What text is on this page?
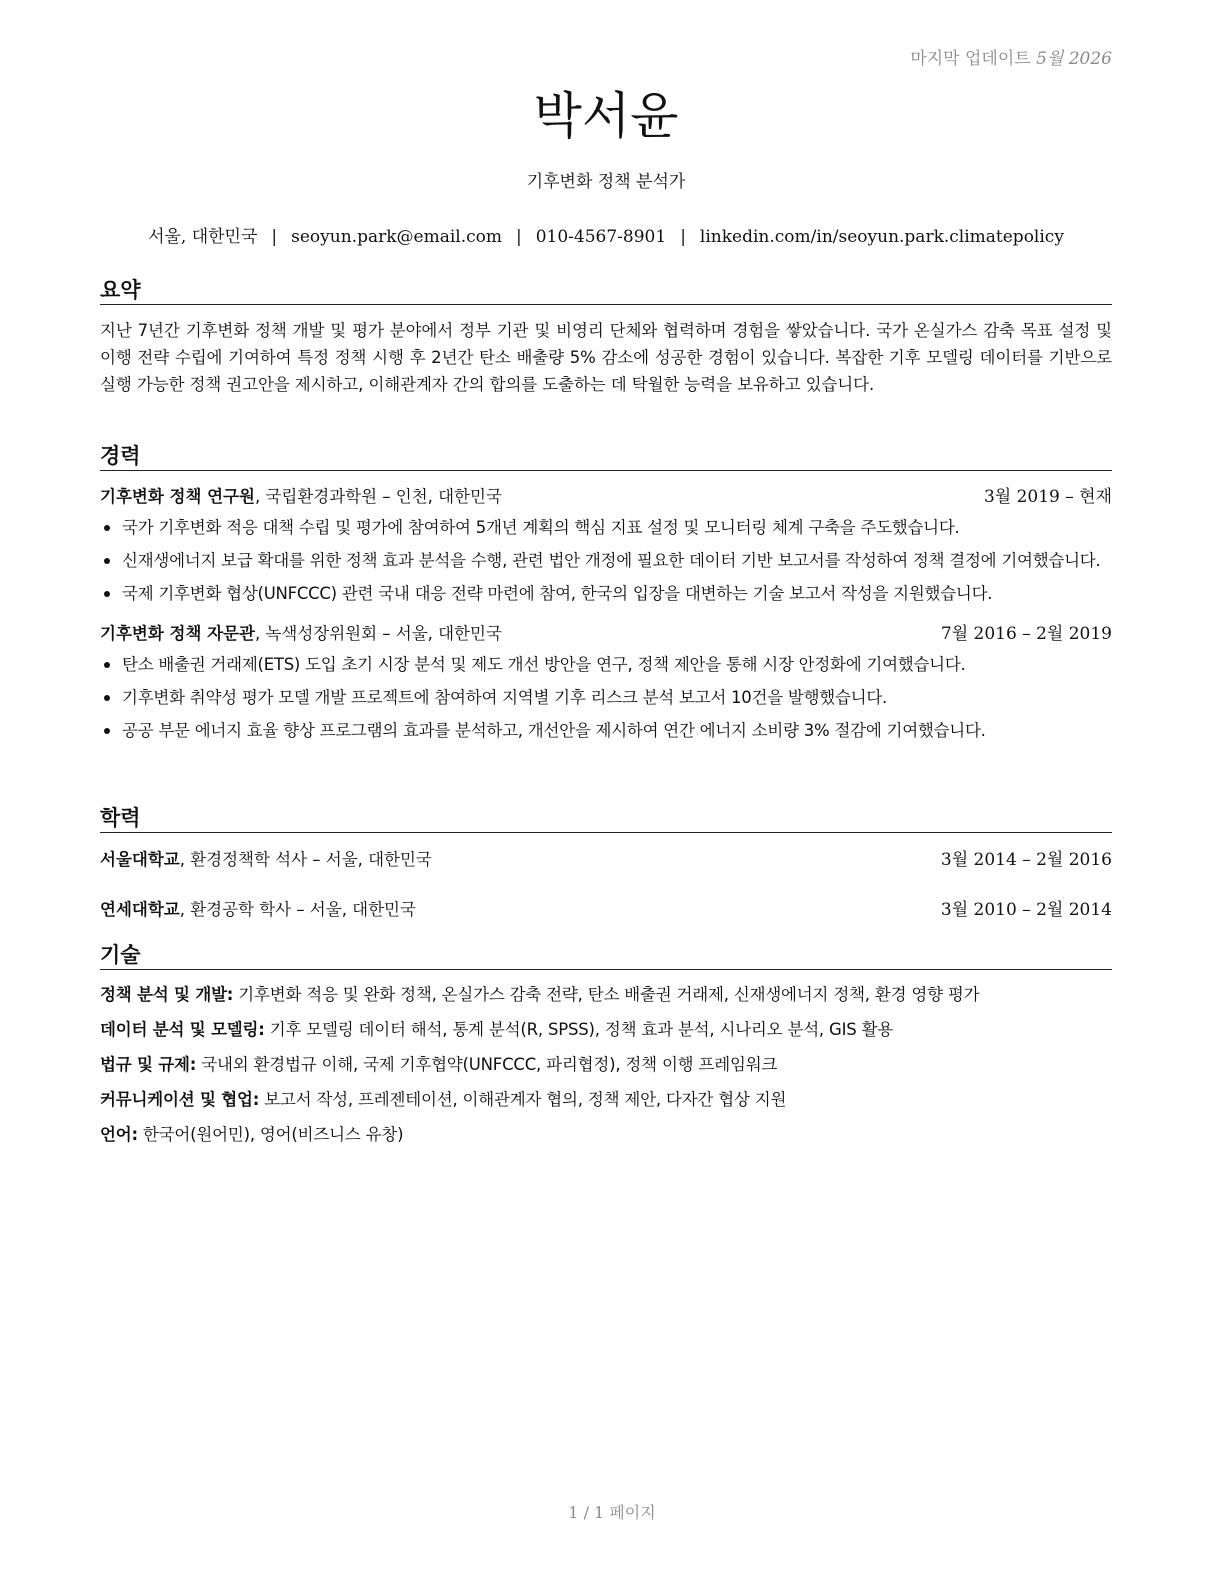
마지막 업데이트 5월 2026
박서윤
기후변화 정책 분석가
서울, 대한민국 | seoyun.park@email.com | 010-4567-8901 | linkedin.com/in/seoyun.park.climatepolicy
요약
지난 7년간 기후변화 정책 개발 및 평가 분야에서 정부 기관 및 비영리 단체와 협력하며 경험을 쌓았습니다. 국가 온실가스 감축 목표 설정 및 이행 전략 수립에 기여하여 특정 정책 시행 후 2년간 탄소 배출량 5% 감소에 성공한 경험이 있습니다. 복잡한 기후 모델링 데이터를 기반으로 실행 가능한 정책 권고안을 제시하고, 이해관계자 간의 합의를 도출하는 데 탁월한 능력을 보유하고 있습니다.
경력
기후변화 정책 연구원, 국립환경과학원 – 인천, 대한민국	3월 2019 – 현재
국가 기후변화 적응 대책 수립 및 평가에 참여하여 5개년 계획의 핵심 지표 설정 및 모니터링 체계 구축을 주도했습니다.
신재생에너지 보급 확대를 위한 정책 효과 분석을 수행, 관련 법안 개정에 필요한 데이터 기반 보고서를 작성하여 정책 결정에 기여했습니다.
국제 기후변화 협상(UNFCCC) 관련 국내 대응 전략 마련에 참여, 한국의 입장을 대변하는 기술 보고서 작성을 지원했습니다.
기후변화 정책 자문관, 녹색성장위원회 – 서울, 대한민국	7월 2016 – 2월 2019
탄소 배출권 거래제(ETS) 도입 초기 시장 분석 및 제도 개선 방안을 연구, 정책 제안을 통해 시장 안정화에 기여했습니다.
기후변화 취약성 평가 모델 개발 프로젝트에 참여하여 지역별 기후 리스크 분석 보고서 10건을 발행했습니다.
공공 부문 에너지 효율 향상 프로그램의 효과를 분석하고, 개선안을 제시하여 연간 에너지 소비량 3% 절감에 기여했습니다.
학력
서울대학교, 환경정책학 석사 – 서울, 대한민국	3월 2014 – 2월 2016
연세대학교, 환경공학 학사 – 서울, 대한민국	3월 2010 – 2월 2014
기술
정책 분석 및 개발: 기후변화 적응 및 완화 정책, 온실가스 감축 전략, 탄소 배출권 거래제, 신재생에너지 정책, 환경 영향 평가
데이터 분석 및 모델링: 기후 모델링 데이터 해석, 통계 분석(R, SPSS), 정책 효과 분석, 시나리오 분석, GIS 활용
법규 및 규제: 국내외 환경법규 이해, 국제 기후협약(UNFCCC, 파리협정), 정책 이행 프레임워크
커뮤니케이션 및 협업: 보고서 작성, 프레젠테이션, 이해관계자 협의, 정책 제안, 다자간 협상 지원
언어: 한국어(원어민), 영어(비즈니스 유창)
1 / 1 페이지
